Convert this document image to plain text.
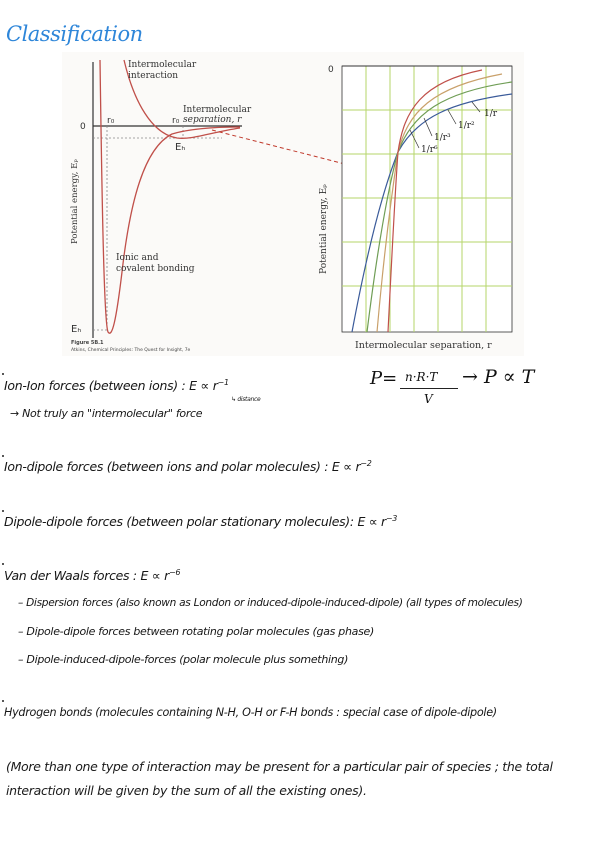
Classification
Intermolecular
interaction
0
r₀	r₀
Intermolecular
separation, r
Eₕ
Potential energy, Eₚ
Ionic and
covalent bonding
Eₕ
Figure 5B.1
Atkins, Chemical Principles: The Quest for Insight, 7e
0
Potential energy, Eₚ
Intermolecular separation, r
1/r
1/r²
1/r³
1/r⁶
P= n·R·T
V
→ P ∝ T
Ion-Ion forces (between ions) : $E \propto r^{-1}$
↳ distance
→ Not truly an "intermolecular" force
Ion-dipole forces (between ions and polar molecules) : $E \propto r^{-2}$
Dipole-dipole forces (between polar stationary molecules): $E \propto r^{-3}$
Van der Waals forces : $E \propto r^{-6}$
– Dispersion forces (also known as London or induced-dipole-induced-dipole) (all types of molecules)
– Dipole-dipole forces between rotating polar molecules (gas phase)
– Dipole-induced-dipole-forces (polar molecule plus something)
Hydrogen bonds (molecules containing N-H, O-H or F-H bonds : special case of dipole-dipole)
(More than one type of interaction may be present for a particular pair of species ; the total interaction will be given by the sum of all the existing ones).
